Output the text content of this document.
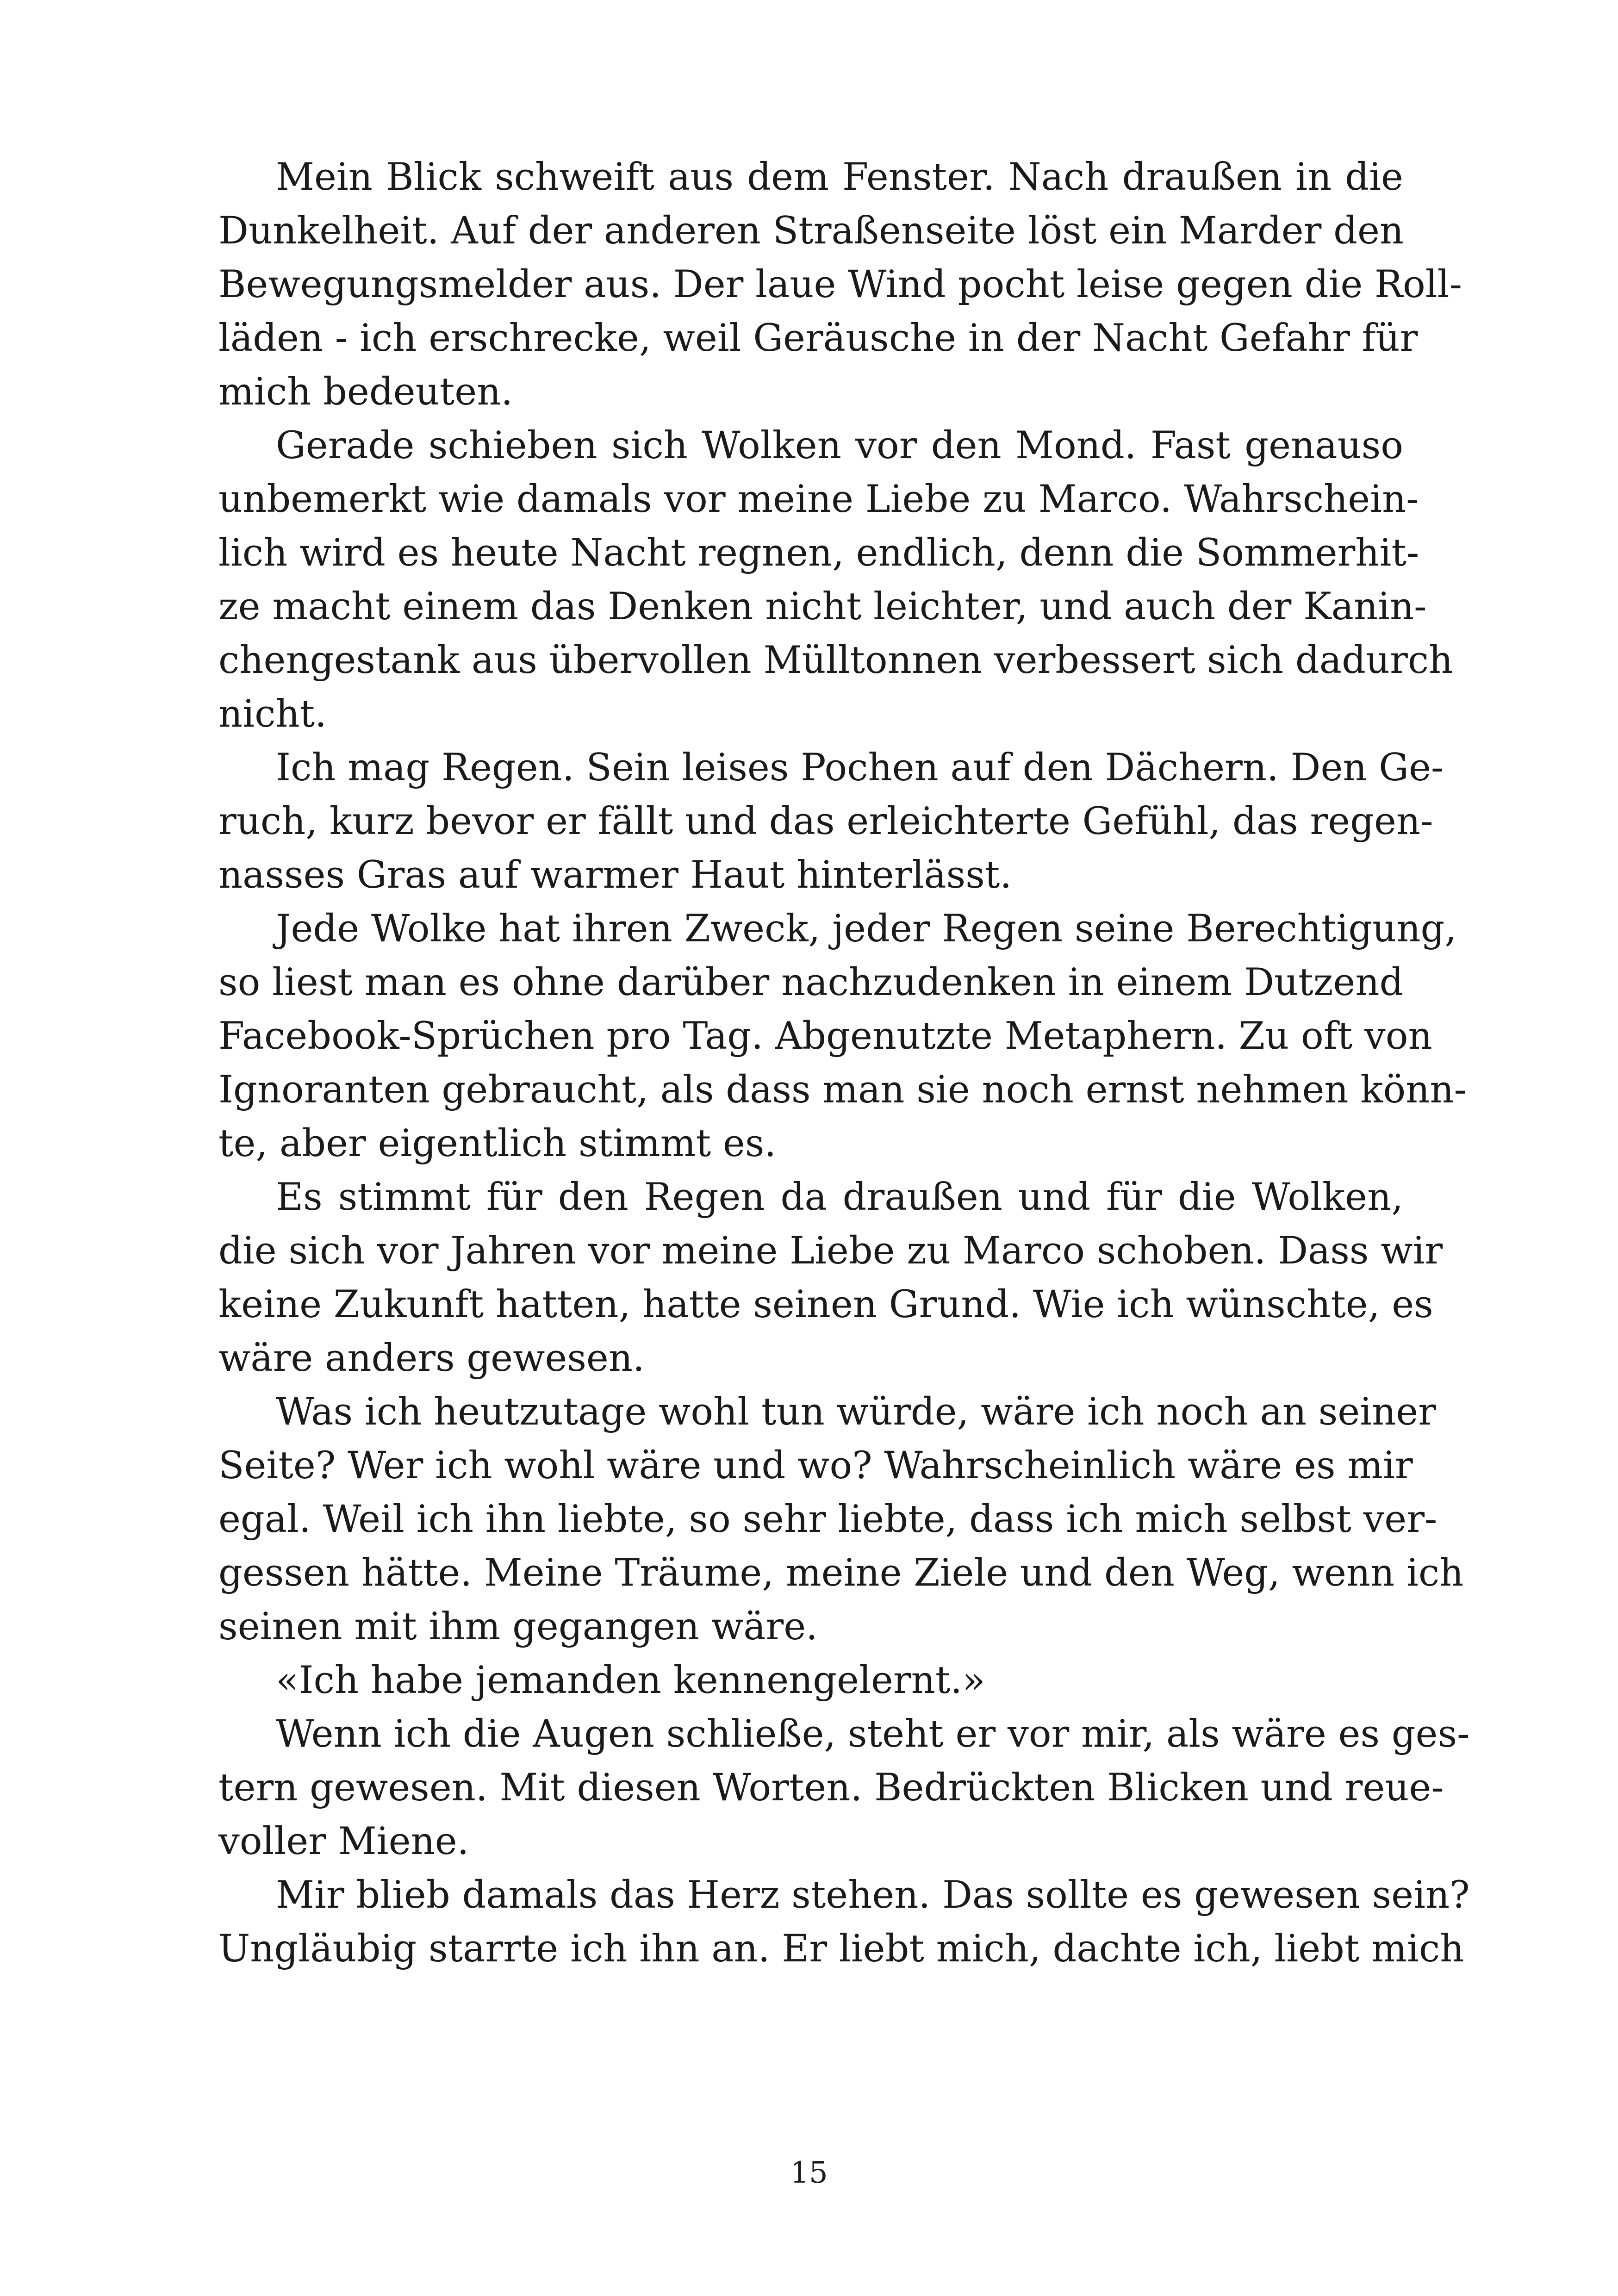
Mein Blick schweift aus dem Fenster. Nach draußen in die
Dunkelheit. Auf der anderen Straßenseite löst ein Marder den
Bewegungsmelder aus. Der laue Wind pocht leise gegen die Roll-
läden - ich erschrecke, weil Geräusche in der Nacht Gefahr für
mich bedeuten.
Gerade schieben sich Wolken vor den Mond. Fast genauso
unbemerkt wie damals vor meine Liebe zu Marco. Wahrschein-
lich wird es heute Nacht regnen, endlich, denn die Sommerhit-
ze macht einem das Denken nicht leichter, und auch der Kanin-
chengestank aus übervollen Mülltonnen verbessert sich dadurch
nicht.
Ich mag Regen. Sein leises Pochen auf den Dächern. Den Ge-
ruch, kurz bevor er fällt und das erleichterte Gefühl, das regen-
nasses Gras auf warmer Haut hinterlässt.
Jede Wolke hat ihren Zweck, jeder Regen seine Berechtigung,
so liest man es ohne darüber nachzudenken in einem Dutzend
Facebook-Sprüchen pro Tag. Abgenutzte Metaphern. Zu oft von
Ignoranten gebraucht, als dass man sie noch ernst nehmen könn-
te, aber eigentlich stimmt es.
Es stimmt für den Regen da draußen und für die Wolken,
die sich vor Jahren vor meine Liebe zu Marco schoben. Dass wir
keine Zukunft hatten, hatte seinen Grund. Wie ich wünschte, es
wäre anders gewesen.
Was ich heutzutage wohl tun würde, wäre ich noch an seiner
Seite? Wer ich wohl wäre und wo? Wahrscheinlich wäre es mir
egal. Weil ich ihn liebte, so sehr liebte, dass ich mich selbst ver-
gessen hätte. Meine Träume, meine Ziele und den Weg, wenn ich
seinen mit ihm gegangen wäre.
«Ich habe jemanden kennengelernt.»
Wenn ich die Augen schließe, steht er vor mir, als wäre es ges-
tern gewesen. Mit diesen Worten. Bedrückten Blicken und reue-
voller Miene.
Mir blieb damals das Herz stehen. Das sollte es gewesen sein?
Ungläubig starrte ich ihn an. Er liebt mich, dachte ich, liebt mich
15
